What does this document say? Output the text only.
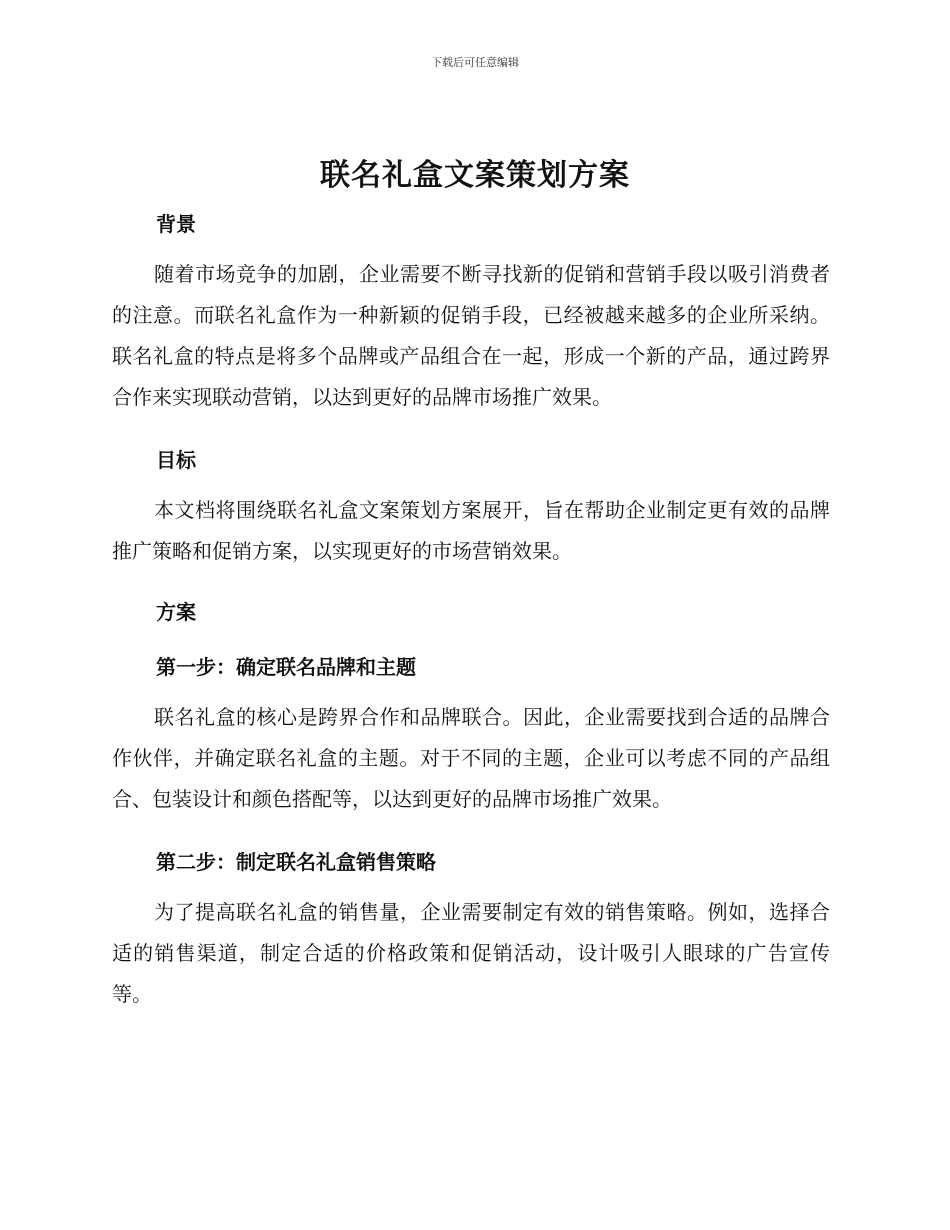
下载后可任意编辑
联名礼盒文案策划方案
背景

随着市场竞争的加剧，企业需要不断寻找新的促销和营销手段以吸引消费者的注意。而联名礼盒作为一种新颖的促销手段，已经被越来越多的企业所采纳。联名礼盒的特点是将多个品牌或产品组合在一起，形成一个新的产品，通过跨界合作来实现联动营销，以达到更好的品牌市场推广效果。

目标

本文档将围绕联名礼盒文案策划方案展开，旨在帮助企业制定更有效的品牌推广策略和促销方案，以实现更好的市场营销效果。

方案
第一步：确定联名品牌和主题

联名礼盒的核心是跨界合作和品牌联合。因此，企业需要找到合适的品牌合作伙伴，并确定联名礼盒的主题。对于不同的主题，企业可以考虑不同的产品组合、包装设计和颜色搭配等，以达到更好的品牌市场推广效果。

第二步：制定联名礼盒销售策略

为了提高联名礼盒的销售量，企业需要制定有效的销售策略。例如，选择合适的销售渠道，制定合适的价格政策和促销活动，设计吸引人眼球的广告宣传等。
